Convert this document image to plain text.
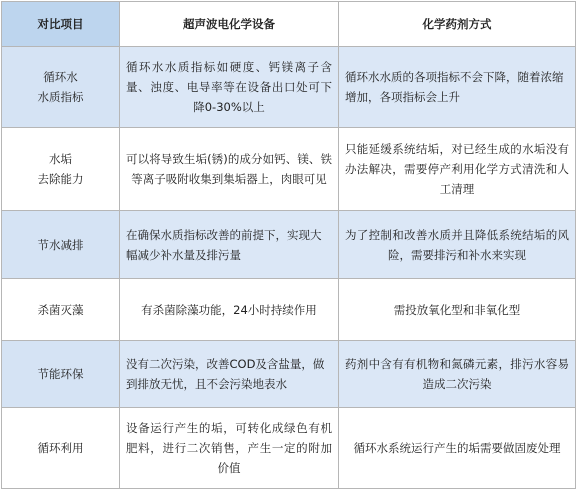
对比项目	超声波电化学设备	化学药剂方式

循环水
水质指标	循环水水质指标如硬度、钙镁离子含量、浊度、电导率等在设备出口处可下降0-30%以上	循环水水质的各项指标不会下降，随着浓缩增加，各项指标会上升

水垢
去除能力	可以将导致生垢(锈)的成分如钙、镁、铁等离子吸附收集到集垢器上，肉眼可见	只能延缓系统结垢，对已经生成的水垢没有办法解决，需要停产利用化学方式清洗和人工清理

节水减排	在确保水质指标改善的前提下，实现大幅减少补水量及排污量	为了控制和改善水质并且降低系统结垢的风险，需要排污和补水来实现

杀菌灭藻	有杀菌除藻功能，24小时持续作用	需投放氧化型和非氧化型

节能环保	没有二次污染，改善COD及含盐量，做到排放无忧，且不会污染地表水	药剂中含有有机物和氮磷元素，排污水容易造成二次污染

循环利用	设备运行产生的垢，可转化成绿色有机肥料，进行二次销售，产生一定的附加价值	循环水系统运行产生的垢需要做固废处理
